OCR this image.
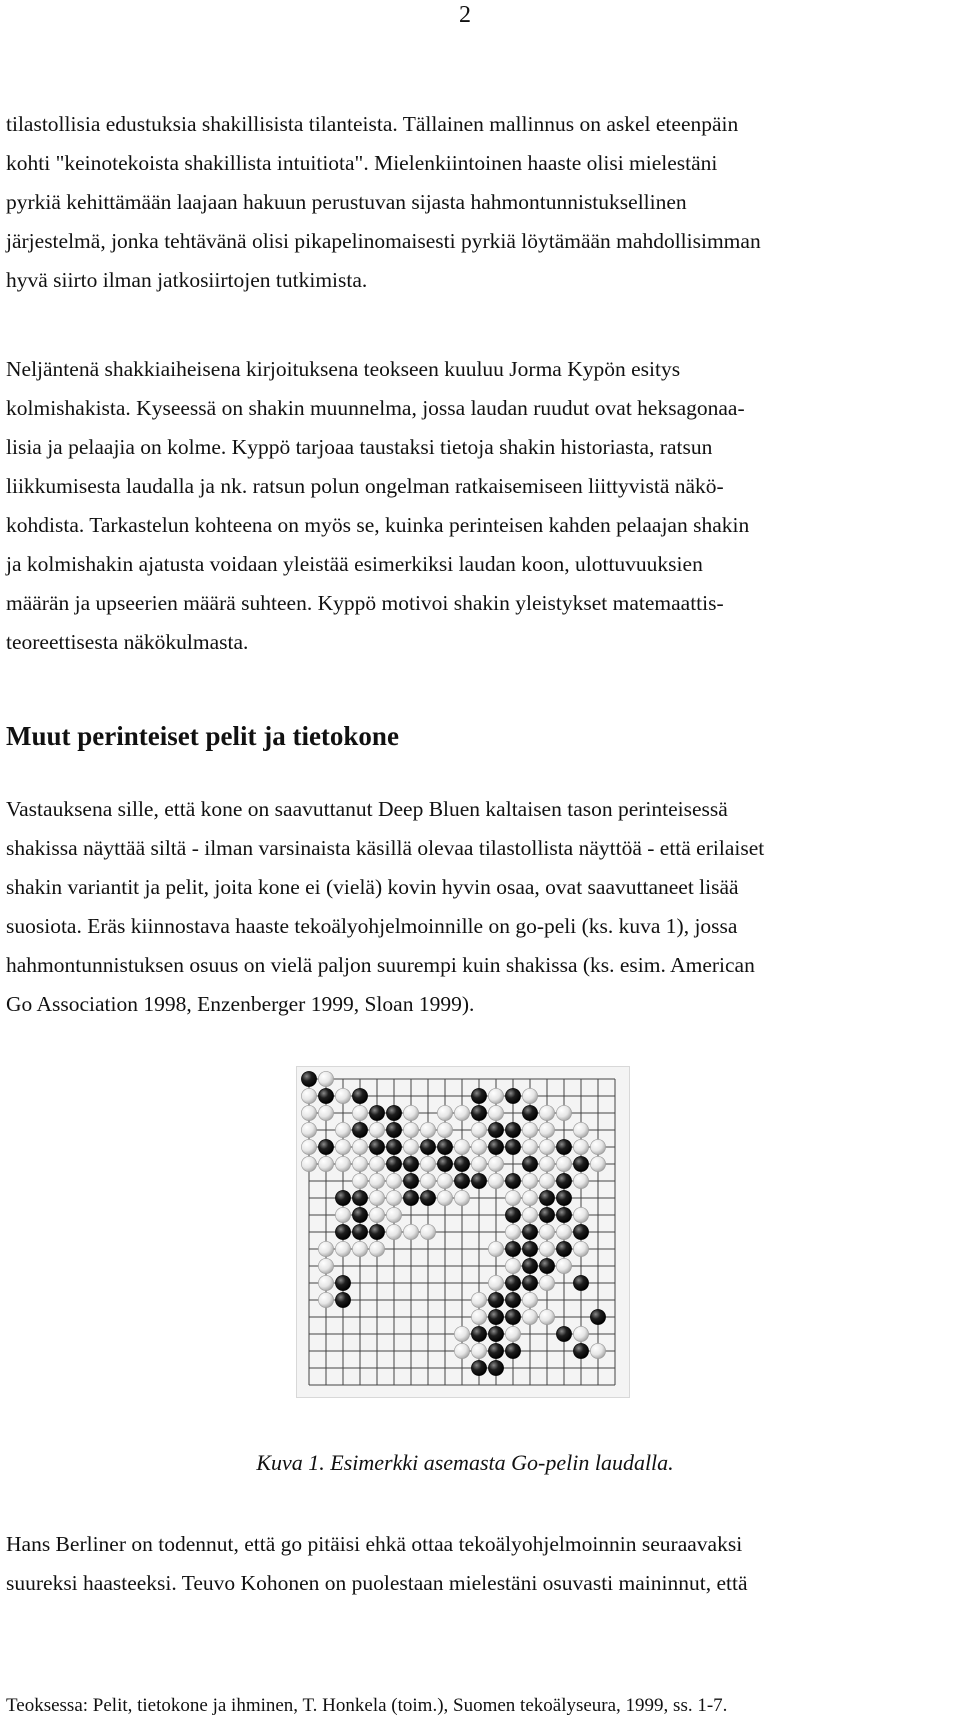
2
tilastollisia edustuksia shakillisista tilanteista. Tällainen mallinnus on askel eteenpäin
kohti "keinotekoista shakillista intuitiota". Mielenkiintoinen haaste olisi mielestäni
pyrkiä kehittämään laajaan hakuun perustuvan sijasta hahmontunnistuksellinen
järjestelmä, jonka tehtävänä olisi pikapelinomaisesti pyrkiä löytämään mahdollisimman
hyvä siirto ilman jatkosiirtojen tutkimista.
Neljäntenä shakkiaiheisena kirjoituksena teokseen kuuluu Jorma Kypön esitys
kolmishakista. Kyseessä on shakin muunnelma, jossa laudan ruudut ovat heksagonaa-
lisia ja pelaajia on kolme. Kyppö tarjoaa taustaksi tietoja shakin historiasta, ratsun
liikkumisesta laudalla ja nk. ratsun polun ongelman ratkaisemiseen liittyvistä näkö-
kohdista. Tarkastelun kohteena on myös se, kuinka perinteisen kahden pelaajan shakin
ja kolmishakin ajatusta voidaan yleistää esimerkiksi laudan koon, ulottuvuuksien
määrän ja upseerien määrä suhteen. Kyppö motivoi shakin yleistykset matemaattis-
teoreettisesta näkökulmasta.
Muut perinteiset pelit ja tietokone
Vastauksena sille, että kone on saavuttanut Deep Bluen kaltaisen tason perinteisessä
shakissa näyttää siltä - ilman varsinaista käsillä olevaa tilastollista näyttöä - että erilaiset
shakin variantit ja pelit, joita kone ei (vielä) kovin hyvin osaa, ovat saavuttaneet lisää
suosiota. Eräs kiinnostava haaste tekoälyohjelmoinnille on go-peli (ks. kuva 1), jossa
hahmontunnistuksen osuus on vielä paljon suurempi kuin shakissa (ks. esim. American
Go Association 1998, Enzenberger 1999, Sloan 1999).
Kuva 1. Esimerkki asemasta Go-pelin laudalla.
Hans Berliner on todennut, että go pitäisi ehkä ottaa tekoälyohjelmoinnin seuraavaksi
suureksi haasteeksi. Teuvo Kohonen on puolestaan mielestäni osuvasti maininnut, että
Teoksessa: Pelit, tietokone ja ihminen, T. Honkela (toim.), Suomen tekoälyseura, 1999, ss. 1-7.
